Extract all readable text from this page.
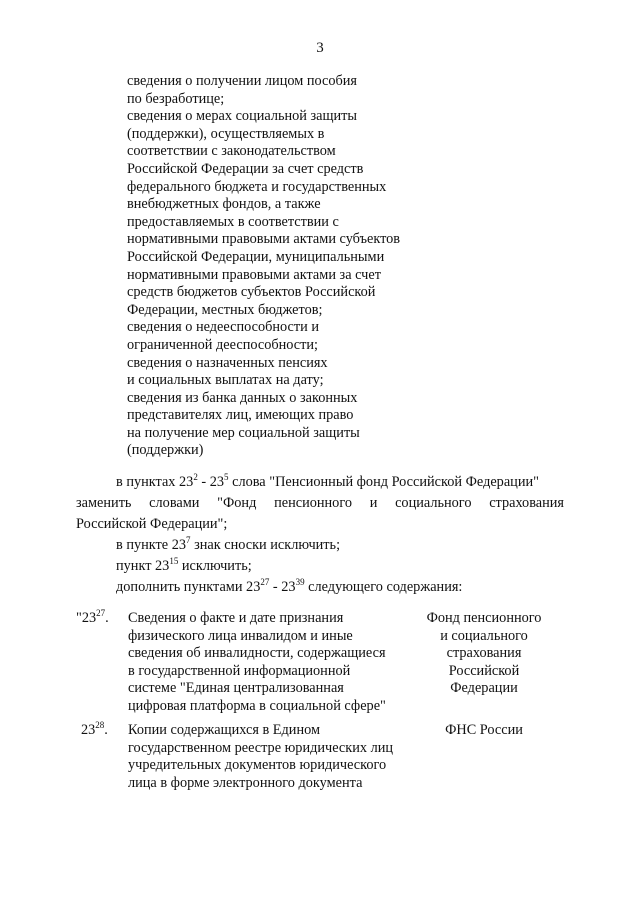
3
сведения о получении лицом пособия
по безработице;
сведения о мерах социальной защиты
(поддержки), осуществляемых в
соответствии с законодательством
Российской Федерации за счет средств
федерального бюджета и государственных
внебюджетных фондов, а также
предоставляемых в соответствии с
нормативными правовыми актами субъектов
Российской Федерации, муниципальными
нормативными правовыми актами за счет
средств бюджетов субъектов Российской
Федерации, местных бюджетов;
сведения о недееспособности и
ограниченной дееспособности;
сведения о назначенных пенсиях
и социальных выплатах на дату;
сведения из банка данных о законных
представителях лиц, имеющих право
на получение мер социальной защиты
(поддержки)
в пунктах $23^2 - 23^5$ слова "Пенсионный фонд Российской Федерации"
заменить словами "Фонд пенсионного и социального страхования
Российской Федерации";
в пункте $23^7$ знак сноски исключить;
пункт $23^{15}$ исключить;
дополнить пунктами $23^{27} - 23^{39}$ следующего содержания:
"$23^{27}$.	Сведения о факте и дате признания
физического лица инвалидом и иные
сведения об инвалидности, содержащиеся
в государственной информационной
системе "Единая централизованная
цифровая платформа в социальной сфере"
Фонд пенсионного
и социального
страхования
Российской
Федерации
$23^{28}$.	Копии содержащихся в Едином
государственном реестре юридических лиц
учредительных документов юридического
лица в форме электронного документа
ФНС России
